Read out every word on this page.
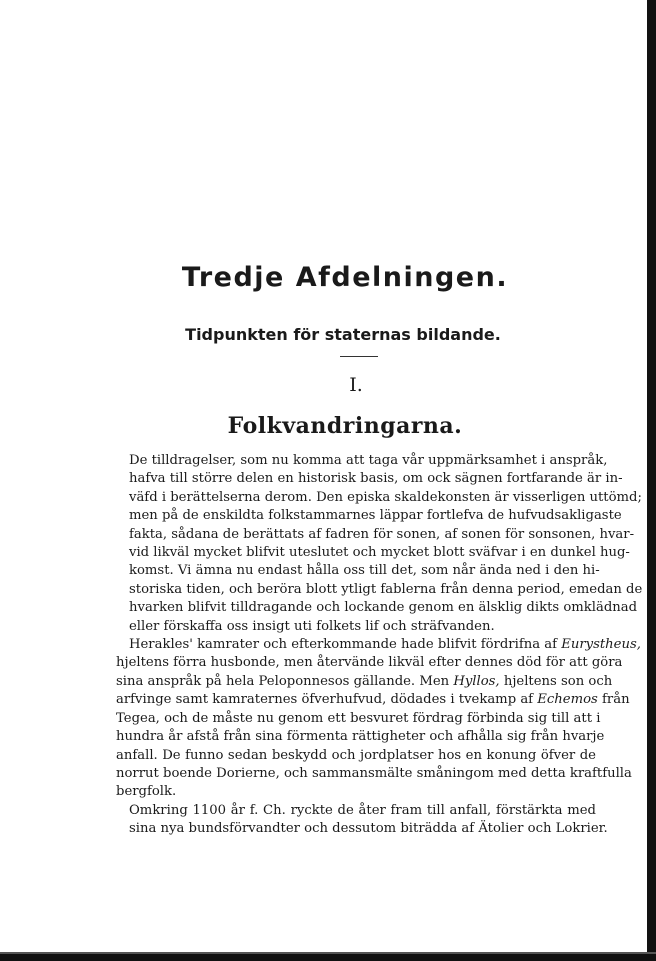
Tredje Afdelningen.
Tidpunkten för staternas bildande.
I.
Folkvandringarna.

De tilldragelser, som nu komma att taga vår uppmärksamhet i anspråk,
hafva till större delen en historisk basis, om ock sägnen fortfarande är in-
väfd i berättelserna derom. Den episka skaldekonsten är visserligen uttömd;
men på de enskildta folkstammarnes läppar fortlefva de hufvudsakligaste
fakta, sådana de berättats af fadren för sonen, af sonen för sonsonen, hvar-
vid likväl mycket blifvit uteslutet och mycket blott sväfvar i en dunkel hug-
komst. Vi ämna nu endast hålla oss till det, som når ända ned i den hi-
storiska tiden, och beröra blott ytligt fablerna från denna period, emedan de
hvarken blifvit tilldragande och lockande genom en älsklig dikts omklädnad
eller förskaffa oss insigt uti folkets lif och sträfvanden.

Herakles' kamrater och efterkommande hade blifvit fördrifna af Eurystheus,
hjeltens förra husbonde, men återvände likväl efter dennes död för att göra
sina anspråk på hela Peloponnesos gällande. Men Hyllos, hjeltens son och
arfvinge samt kamraternes öfverhufvud, dödades i tvekamp af Echemos från
Tegea, och de måste nu genom ett besvuret fördrag förbinda sig till att i
hundra år afstå från sina förmenta rättigheter och afhålla sig från hvarje
anfall. De funno sedan beskydd och jordplatser hos en konung öfver de
norrut boende Dorierne, och sammansmälte småningom med detta kraftfulla
bergfolk.

Omkring 1100 år f. Ch. ryckte de åter fram till anfall, förstärkta med
sina nya bundsförvandter och dessutom biträdda af Ätolier och Lokrier.
